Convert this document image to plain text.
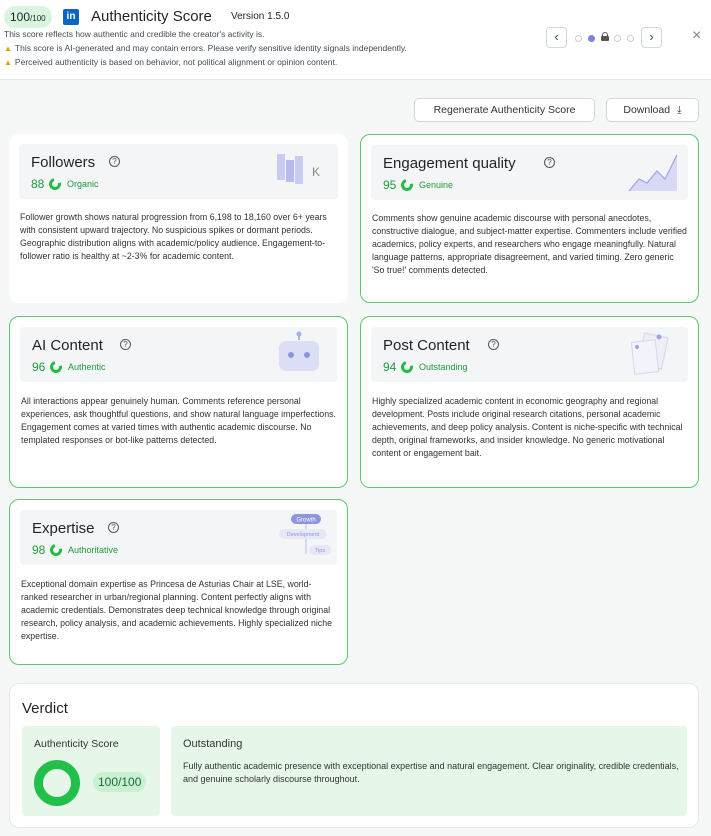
100 /100	in Authenticity Score Version 1.5.0
This score reflects how authentic and credible the creator's activity is.
▲ This score is AI-generated and may contain errors. Please verify sensitive identity signals independently.
▲ Perceived authenticity is based on behavior, not political alignment or opinion content.
‹	›	×
Regenerate Authenticity Score	Download ⤓
Followers	?
88	Organic
K
Follower growth shows natural progression from 6,198 to 18,160 over 6+ years with consistent upward trajectory. No suspicious spikes or dormant periods. Geographic distribution aligns with academic/policy audience. Engagement-to-follower ratio is healthy at ~2-3% for academic content.
Engagement quality	?
95	Genuine
Comments show genuine academic discourse with personal anecdotes, constructive dialogue, and subject-matter expertise. Commenters include verified academics, policy experts, and researchers who engage meaningfully. Natural language patterns, appropriate disagreement, and varied timing. Zero generic 'So true!' comments detected.
AI Content	?
96	Authentic
All interactions appear genuinely human. Comments reference personal experiences, ask thoughtful questions, and show natural language imperfections. Engagement comes at varied times with authentic academic discourse. No templated responses or bot-like patterns detected.
Post Content	?
94	Outstanding
Highly specialized academic content in economic geography and regional development. Posts include original research citations, personal academic achievements, and deep policy analysis. Content is niche-specific with technical depth, original frameworks, and insider knowledge. No generic motivational content or engagement bait.
Expertise	?
98	Authoritative
Growth
Development
Tips
Exceptional domain expertise as Princesa de Asturias Chair at LSE, world-ranked researcher in urban/regional planning. Content perfectly aligns with academic credentials. Demonstrates deep technical knowledge through original research, policy analysis, and academic achievements. Highly specialized niche expertise.
Verdict
Authenticity Score
100/100
Outstanding
Fully authentic academic presence with exceptional expertise and natural engagement. Clear originality, credible credentials, and genuine scholarly discourse throughout.
